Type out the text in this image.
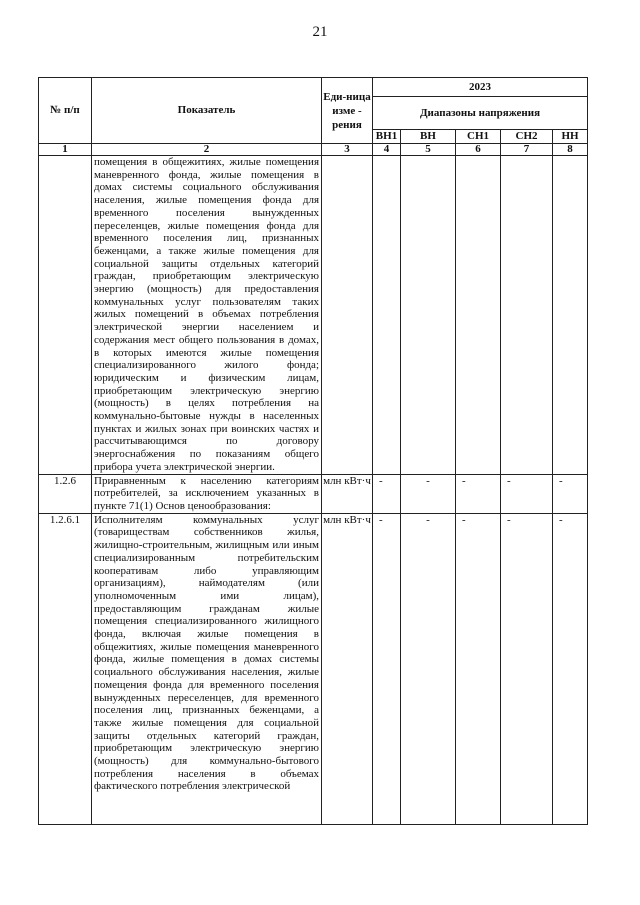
21
№ п/п	Показатель	Еди-ница изме - рения	2023				
			Диапазоны напряжения				
			ВН1	ВН	СН1	СН2	НН
1	2	3	4	5	6	7	8
	помещения в общежитиях, жилые помещения маневренного фонда, жилые помещения в домах системы социального обслуживания населения, жилые помещения фонда для временного поселения вынужденных переселенцев, жилые помещения фонда для временного поселения лиц, признанных беженцами, а также жилые помещения для социальной защиты отдельных категорий граждан, приобретающим электрическую энергию (мощность) для предоставления коммунальных услуг пользователям таких жилых помещений в объемах потребления электрической энергии населением и содержания мест общего пользования в домах, в которых имеются жилые помещения специализированного жилого фонда; юридическим и физическим лицам, приобретающим электрическую энергию (мощность) в целях потребления на коммунально-бытовые нужды в населенных пунктах и жилых зонах при воинских частях и рассчитывающимся по договору энергоснабжения по показаниям общего прибора учета электрической энергии.						
1.2.6	Приравненным к населению категориям потребителей, за исключением указанных в пункте 71(1) Основ ценообразования:	млн кВт·ч	-	-	-	-	-
1.2.6.1	Исполнителям коммунальных услуг (товариществам собственников жилья, жилищно-строительным, жилищным или иным специализированным потребительским кооперативам либо управляющим организациям), наймодателям (или уполномоченным ими лицам), предоставляющим гражданам жилые помещения специализированного жилищного фонда, включая жилые помещения в общежитиях, жилые помещения маневренного фонда, жилые помещения в домах системы социального обслуживания населения, жилые помещения фонда для временного поселения вынужденных переселенцев, для временного поселения лиц, признанных беженцами, а также жилые помещения для социальной защиты отдельных категорий граждан, приобретающим электрическую энергию (мощность) для коммунально-бытового потребления населения в объемах фактического потребления электрической	млн кВт·ч	-	-	-	-	-
